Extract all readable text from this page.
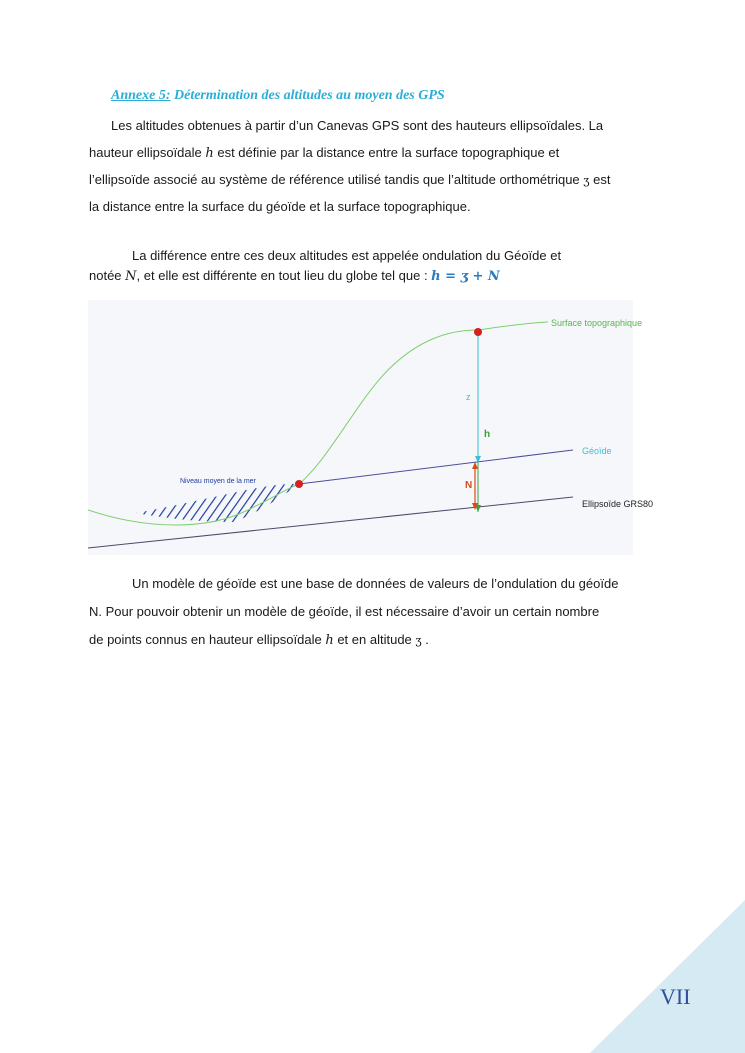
Annexe 5: Détermination des altitudes au moyen des GPS

Les altitudes obtenues à partir d’un Canevas GPS sont des hauteurs ellipsoïdales. La
hauteur ellipsoïdale h est définie par la distance entre la surface topographique et
l’ellipsoïde associé au système de référence utilisé tandis que l’altitude orthométrique ʒ est
la distance entre la surface du géoïde et la surface topographique.
La différence entre ces deux altitudes est appelée ondulation du Géoïde et
notée N, et elle est différente en tout lieu du globe tel que : h = ʒ + N
Surface topographique
Géoïde
Ellipsoïde GRS80
Niveau moyen de la mer
z
h
N
Un modèle de géoïde est une base de données de valeurs de l’ondulation du géoïde
N. Pour pouvoir obtenir un modèle de géoïde, il est nécessaire d’avoir un certain nombre
de points connus en hauteur ellipsoïdale h et en altitude ʒ .

VII
